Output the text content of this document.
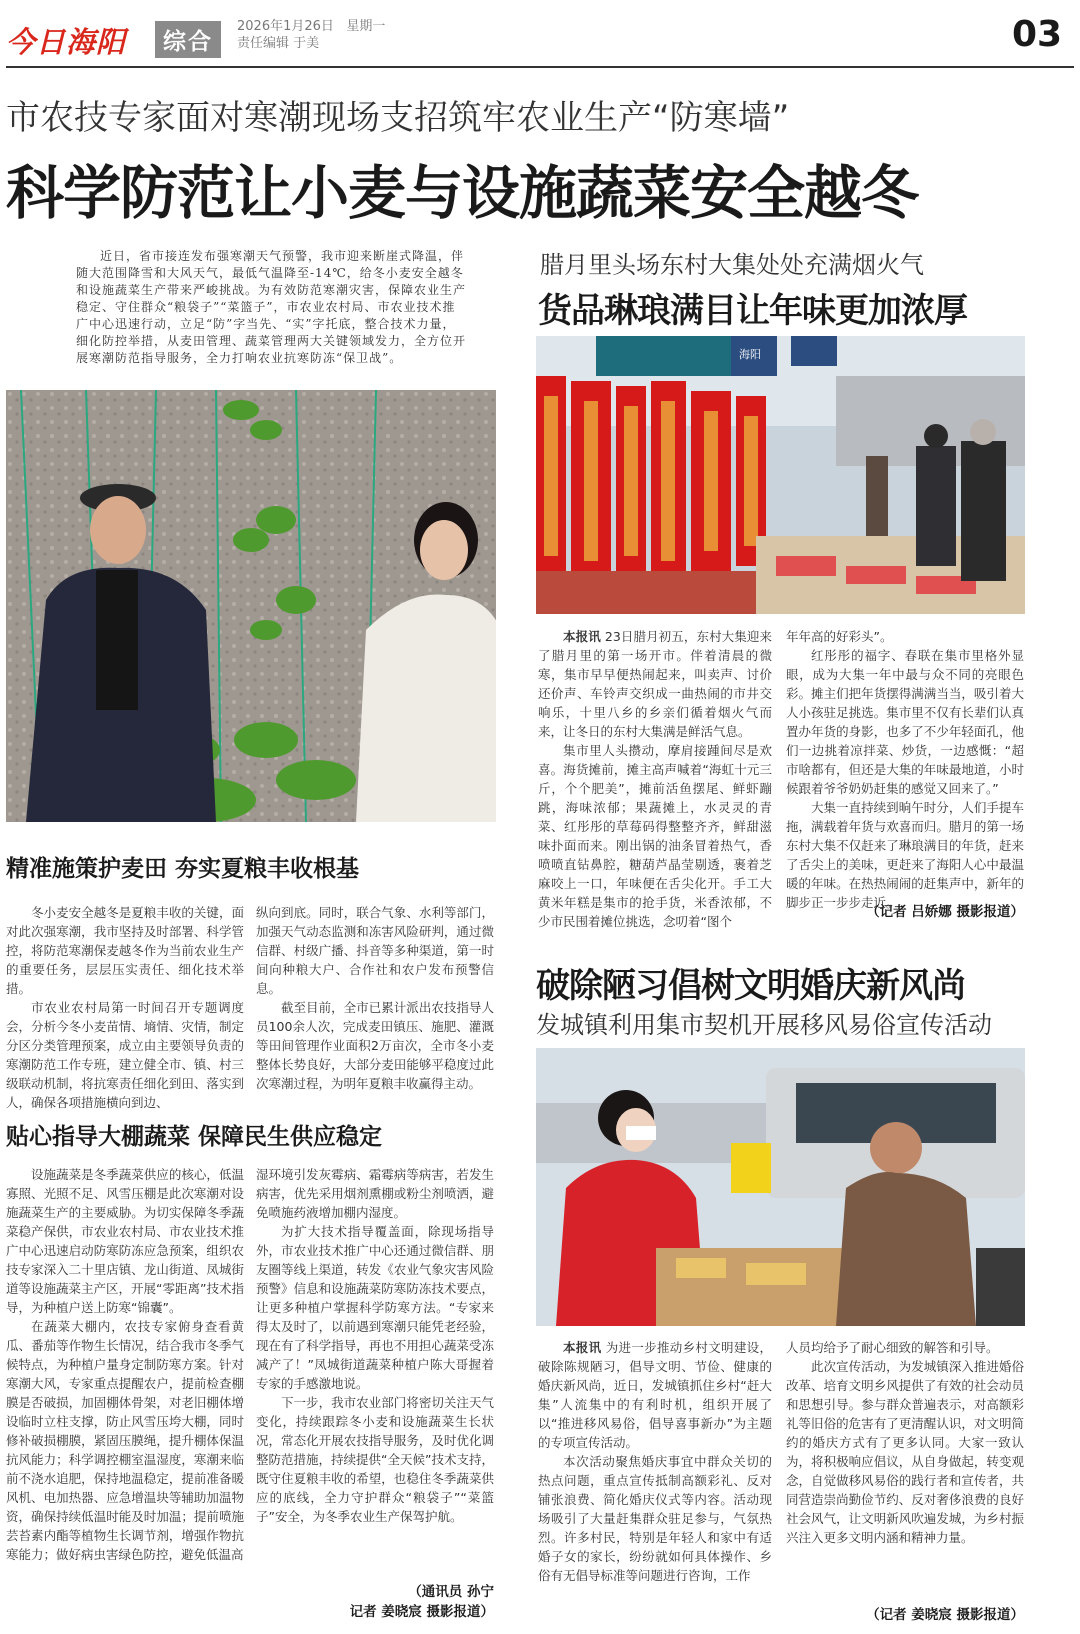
今日海阳	综合
2026年1月26日 星期一
责任编辑 于美	03
市农技专家面对寒潮现场支招筑牢农业生产“防寒墙”
科学防范让小麦与设施蔬菜安全越冬
近日，省市接连发布强寒潮天气预警，我市迎来断崖式降温，伴随大范围降雪和大风天气，最低气温降至-14℃，给冬小麦安全越冬和设施蔬菜生产带来严峻挑战。为有效防范寒潮灾害，保障农业生产稳定、守住群众“粮袋子”“菜篮子”，市农业农村局、市农业技术推广中心迅速行动，立足“防”字当先、“实”字托底，整合技术力量，细化防控举措，从麦田管理、蔬菜管理两大关键领域发力，全方位开展寒潮防范指导服务，全力打响农业抗寒防冻“保卫战”。
精准施策护麦田 夯实夏粮丰收根基

冬小麦安全越冬是夏粮丰收的关键，面对此次强寒潮，我市坚持及时部署、科学管控，将防范寒潮保麦越冬作为当前农业生产的重要任务，层层压实责任、细化技术举措。

市农业农村局第一时间召开专题调度会，分析今冬小麦苗情、墒情、灾情，制定分区分类管理预案，成立由主要领导负责的寒潮防范工作专班，建立健全市、镇、村三级联动机制，将抗寒责任细化到田、落实到人，确保各项措施横向到边、

纵向到底。同时，联合气象、水利等部门，加强天气动态监测和冻害风险研判，通过微信群、村级广播、抖音等多种渠道，第一时间向种粮大户、合作社和农户发布预警信息。

截至目前，全市已累计派出农技指导人员100余人次，完成麦田镇压、施肥、灌溉等田间管理作业面积2万亩次，全市冬小麦整体长势良好，大部分麦田能够平稳度过此次寒潮过程，为明年夏粮丰收赢得主动。

贴心指导大棚蔬菜 保障民生供应稳定

设施蔬菜是冬季蔬菜供应的核心，低温寡照、光照不足、风雪压棚是此次寒潮对设施蔬菜生产的主要威胁。为切实保障冬季蔬菜稳产保供，市农业农村局、市农业技术推广中心迅速启动防寒防冻应急预案，组织农技专家深入二十里店镇、龙山街道、凤城街道等设施蔬菜主产区，开展“零距离”技术指导，为种植户送上防寒“锦囊”。

在蔬菜大棚内，农技专家俯身查看黄瓜、番茄等作物生长情况，结合我市冬季气候特点，为种植户量身定制防寒方案。针对寒潮大风，专家重点提醒农户，提前检查棚膜是否破损，加固棚体骨架，对老旧棚体增设临时立柱支撑，防止风雪压垮大棚，同时修补破损棚膜，紧固压膜绳，提升棚体保温抗风能力；科学调控棚室温湿度，寒潮来临前不浇水追肥，保持地温稳定，提前准备暖风机、电加热器、应急增温块等辅助加温物资，确保持续低温时能及时加温；提前喷施芸苔素内酯等植物生长调节剂，增强作物抗寒能力；做好病虫害绿色防控，避免低温高

湿环境引发灰霉病、霜霉病等病害，若发生病害，优先采用烟剂熏棚或粉尘剂喷洒，避免喷施药液增加棚内湿度。

为扩大技术指导覆盖面，除现场指导外，市农业技术推广中心还通过微信群、朋友圈等线上渠道，转发《农业气象灾害风险预警》信息和设施蔬菜防寒防冻技术要点，让更多种植户掌握科学防寒方法。“专家来得太及时了，以前遇到寒潮只能凭老经验，现在有了科学指导，再也不用担心蔬菜受冻减产了！”凤城街道蔬菜种植户陈大哥握着专家的手感激地说。

下一步，我市农业部门将密切关注天气变化，持续跟踪冬小麦和设施蔬菜生长状况，常态化开展农技指导服务，及时优化调整防范措施，持续提供“全天候”技术支持，既守住夏粮丰收的希望，也稳住冬季蔬菜供应的底线，全力守护群众“粮袋子”“菜篮子”安全，为冬季农业生产保驾护航。

（通讯员 孙宁
记者 姜晓宸 摄影报道）
腊月里头场东村大集处处充满烟火气
货品琳琅满目让年味更加浓厚
海阳

本报讯 23日腊月初五，东村大集迎来了腊月里的第一场开市。伴着清晨的微寒，集市早早便热闹起来，叫卖声、讨价还价声、车铃声交织成一曲热闹的市井交响乐，十里八乡的乡亲们循着烟火气而来，让冬日的东村大集满是鲜活气息。

集市里人头攒动，摩肩接踵间尽是欢喜。海货摊前，摊主高声喊着“海虹十元三斤，个个肥美”，摊前活鱼摆尾、鲜虾蹦跳，海味浓郁；果蔬摊上，水灵灵的青菜、红彤彤的草莓码得整整齐齐，鲜甜滋味扑面而来。刚出锅的油条冒着热气，香喷喷直钻鼻腔，糖葫芦晶莹剔透，裹着芝麻咬上一口，年味便在舌尖化开。手工大黄米年糕是集市的抢手货，米香浓郁，不少市民围着摊位挑选，念叨着“图个

年年高的好彩头”。

红彤彤的福字、春联在集市里格外显眼，成为大集一年中最与众不同的亮眼色彩。摊主们把年货摆得满满当当，吸引着大人小孩驻足挑选。集市里不仅有长辈们认真置办年货的身影，也多了不少年轻面孔，他们一边挑着凉拌菜、炒货，一边感慨：“超市啥都有，但还是大集的年味最地道，小时候跟着爷爷奶奶赶集的感觉又回来了。”

大集一直持续到晌午时分，人们手提车拖，满载着年货与欢喜而归。腊月的第一场东村大集不仅赶来了琳琅满目的年货，赶来了舌尖上的美味，更赶来了海阳人心中最温暖的年味。在热热闹闹的赶集声中，新年的脚步正一步步走近。

（记者 吕娇娜 摄影报道）
破除陋习倡树文明婚庆新风尚
发城镇利用集市契机开展移风易俗宣传活动

本报讯 为进一步推动乡村文明建设，破除陈规陋习，倡导文明、节俭、健康的婚庆新风尚，近日，发城镇抓住乡村“赶大集”人流集中的有利时机，组织开展了以“推进移风易俗，倡导喜事新办”为主题的专项宣传活动。

本次活动聚焦婚庆事宜中群众关切的热点问题，重点宣传抵制高额彩礼、反对铺张浪费、简化婚庆仪式等内容。活动现场吸引了大量赶集群众驻足参与，气氛热烈。许多村民，特别是年轻人和家中有适婚子女的家长，纷纷就如何具体操作、乡俗有无倡导标准等问题进行咨询，工作

人员均给予了耐心细致的解答和引导。

此次宣传活动，为发城镇深入推进婚俗改革、培育文明乡风提供了有效的社会动员和思想引导。参与群众普遍表示，对高额彩礼等旧俗的危害有了更清醒认识，对文明简约的婚庆方式有了更多认同。大家一致认为，将积极响应倡议，从自身做起，转变观念，自觉做移风易俗的践行者和宣传者，共同营造崇尚勤俭节约、反对奢侈浪费的良好社会风气，让文明新风吹遍发城，为乡村振兴注入更多文明内涵和精神力量。

（记者 姜晓宸 摄影报道）
